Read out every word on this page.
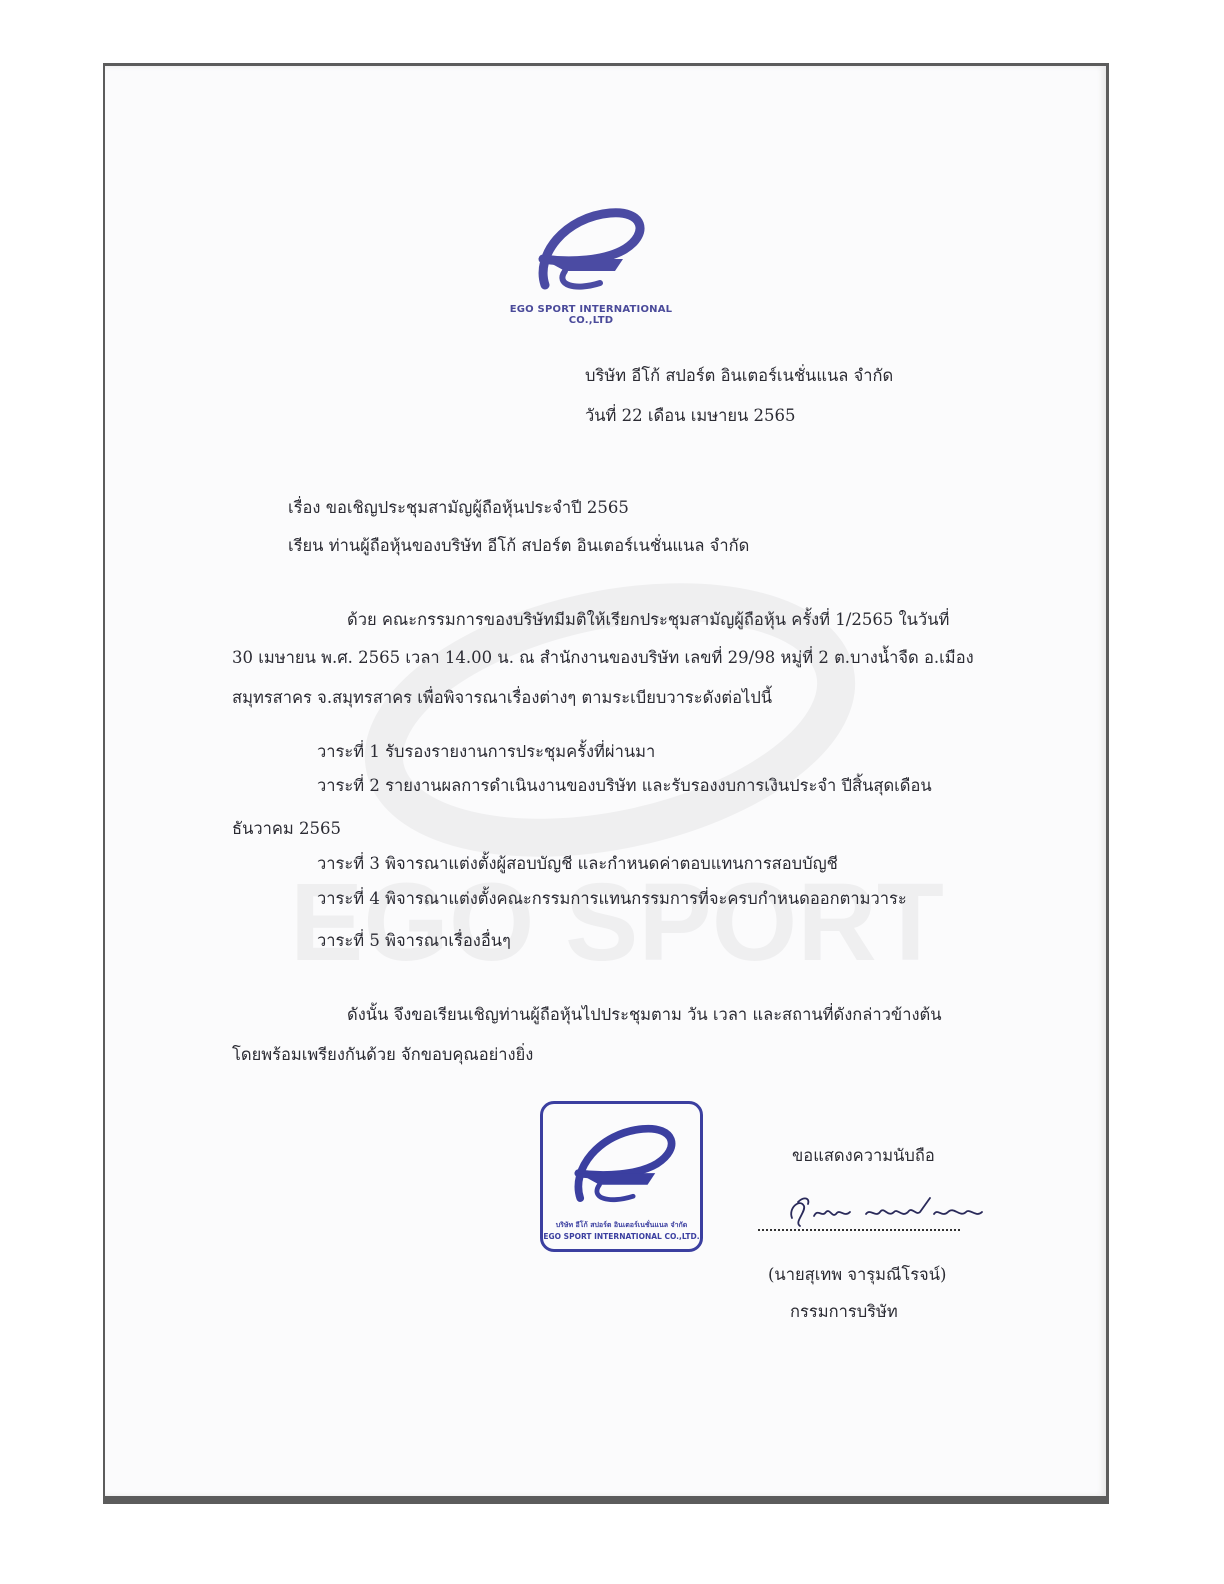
EGO SPORT INTERNATIONAL CO.,LTD
บริษัท อีโก้ สปอร์ต อินเตอร์เนชั่นแนล จำกัด
วันที่ 22 เดือน เมษายน 2565
เรื่อง ขอเชิญประชุมสามัญผู้ถือหุ้นประจำปี 2565
เรียน ท่านผู้ถือหุ้นของบริษัท อีโก้ สปอร์ต อินเตอร์เนชั่นแนล จำกัด
ด้วย คณะกรรมการของบริษัทมีมติให้เรียกประชุมสามัญผู้ถือหุ้น ครั้งที่ 1/2565 ในวันที่
30 เมษายน พ.ศ. 2565 เวลา 14.00 น. ณ สำนักงานของบริษัท เลขที่ 29/98 หมู่ที่ 2 ต.บางน้ำจืด อ.เมือง
สมุทรสาคร จ.สมุทรสาคร เพื่อพิจารณาเรื่องต่างๆ ตามระเบียบวาระดังต่อไปนี้
วาระที่ 1 รับรองรายงานการประชุมครั้งที่ผ่านมา
วาระที่ 2 รายงานผลการดำเนินงานของบริษัท และรับรองงบการเงินประจำ ปีสิ้นสุดเดือน
ธันวาคม 2565
วาระที่ 3 พิจารณาแต่งตั้งผู้สอบบัญชี และกำหนดค่าตอบแทนการสอบบัญชี
วาระที่ 4 พิจารณาแต่งตั้งคณะกรรมการแทนกรรมการที่จะครบกำหนดออกตามวาระ
วาระที่ 5 พิจารณาเรื่องอื่นๆ
ดังนั้น จึงขอเรียนเชิญท่านผู้ถือหุ้นไปประชุมตาม วัน เวลา และสถานที่ดังกล่าวข้างต้น
โดยพร้อมเพรียงกันด้วย จักขอบคุณอย่างยิ่ง
บริษัท อีโก้ สปอร์ต อินเตอร์เนชั่นแนล จำกัด
EGO SPORT INTERNATIONAL CO.,LTD.
ขอแสดงความนับถือ
(นายสุเทพ จารุมณีโรจน์)
กรรมการบริษัท
